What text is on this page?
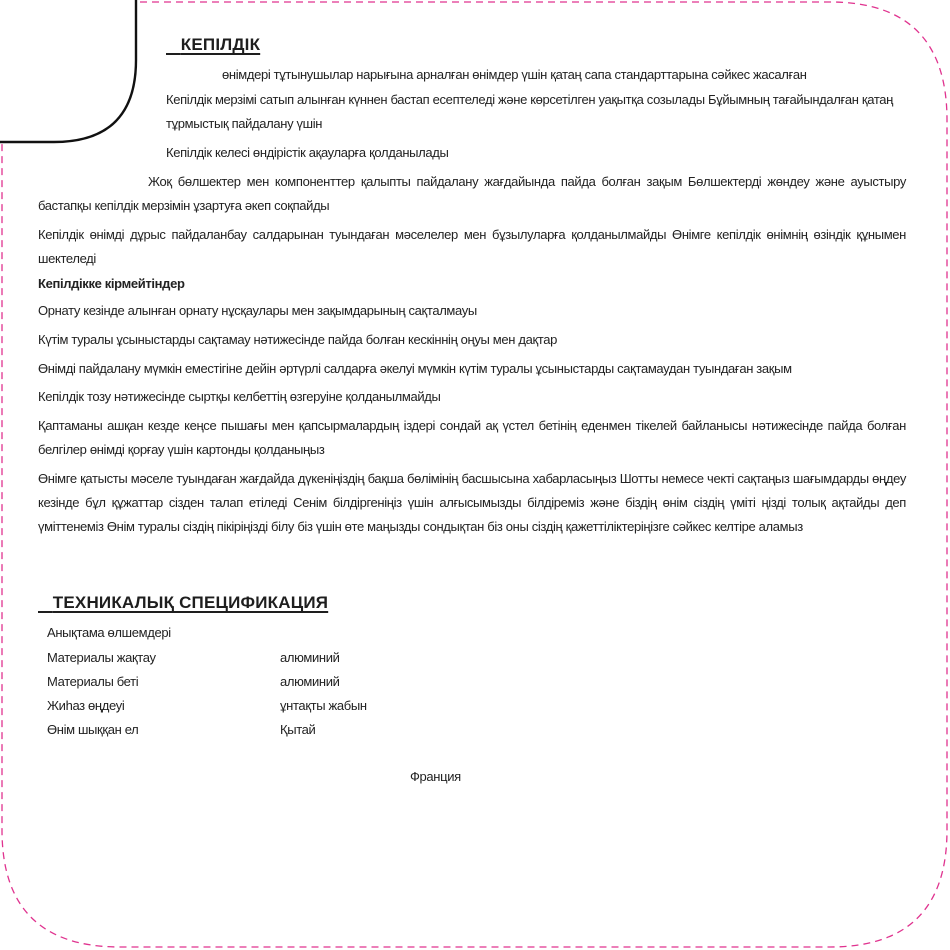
КЕПІЛДІК

өнімдері тұтынушылар нарығына арналған өнімдер үшін қатаң сапа стандарттарына сәйкес жасалған

Кепілдік мерзімі сатып алынған күннен бастап есептеледі және көрсетілген уақытқа созылады Бұйымның тағайындалған қатаң тұрмыстық пайдалану үшін

Кепілдік келесі өндірістік ақауларға қолданылады

Жоқ бөлшектер мен компоненттер қалыпты пайдалану жағдайында пайда болған зақым Бөлшектерді жөндеу және ауыстыру бастапқы кепілдік мерзімін ұзартуға әкеп соқпайды

Кепілдік өнімді дұрыс пайдаланбау салдарынан туындаған мәселелер мен бұзылуларға қолданылмайды Өнімге кепілдік өнімнің өзіндік құнымен шектеледі

Кепілдікке кірмейтіндер

Орнату кезінде алынған орнату нұсқаулары мен зақымдарының сақталмауы

Күтім туралы ұсыныстарды сақтамау нәтижесінде пайда болған кескіннің оңуы мен дақтар

Өнімді пайдалану мүмкін еместігіне дейін әртүрлі салдарға әкелуі мүмкін күтім туралы ұсыныстарды сақтамаудан туындаған зақым

Кепілдік тозу нәтижесінде сыртқы келбеттің өзгеруіне қолданылмайды

Қаптаманы ашқан кезде кеңсе пышағы мен қапсырмалардың іздері сондай ақ үстел бетінің еденмен тікелей байланысы нәтижесінде пайда болған белгілер өнімді қорғау үшін картонды қолданыңыз

Өнімге қатысты мәселе туындаған жағдайда дүкеніңіздің бақша бөлімінің басшысына хабарласыңыз Шотты немесе чекті сақтаңыз шағымдарды өңдеу кезінде бұл құжаттар сізден талап етіледі Сенім білдіргеніңіз үшін алғысымызды білдіреміз және біздің өнім сіздің үміті ңізді толық ақтайды деп үміттенеміз Өнім туралы сіздің пікіріңізді білу біз үшін өте маңызды сондықтан біз оны сіздің қажеттіліктеріңізге сәйкес келтіре аламыз

ТЕХНИКАЛЫҚ СПЕЦИФИКАЦИЯ

Анықтама өлшемдері

Материалы жақтау	алюминий
Материалы беті	алюминий
Жиһаз өңдеуі	ұнтақты жабын
Өнім шыққан ел	Қытай

Франция
